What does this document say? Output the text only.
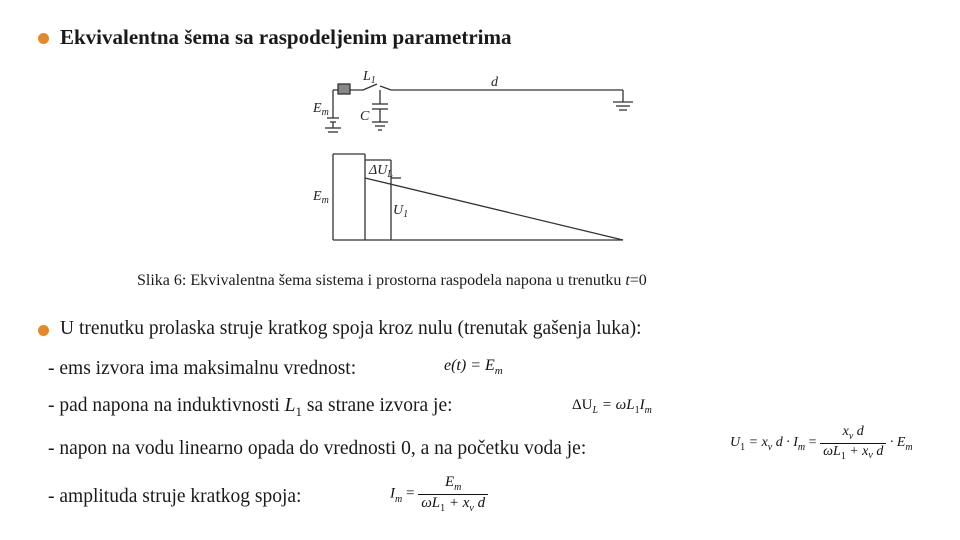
Ekvivalentna šema sa raspodeljenim parametrima
$E_m$
$L_1$
C
d
$E_m$
$\Delta U_L$
$U_1$
Slika 6: Ekvivalentna šema sistema i prostorna raspodela napona u trenutku t=0
U trenutku prolaska struje kratkog spoja kroz nulu (trenutak gašenja luka):
- ems izvora ima maksimalnu vrednost:	$e(t) = E_m$
- pad napona na induktivnosti $L_1$ sa strane izvora je:	$\Delta U_L = \omega L_1I_m$
- napon na vodu linearno opada do vrednosti 0, a na početku voda je:	$U_1 = x_v$ $d \cdot I_m = \frac{x_v d}{\omega L_1 + x_v d} \cdot E_m$
- amplituda struje kratkog spoja:	$I_m = \frac{E_m}{\omega L_1 + x_v d}$
